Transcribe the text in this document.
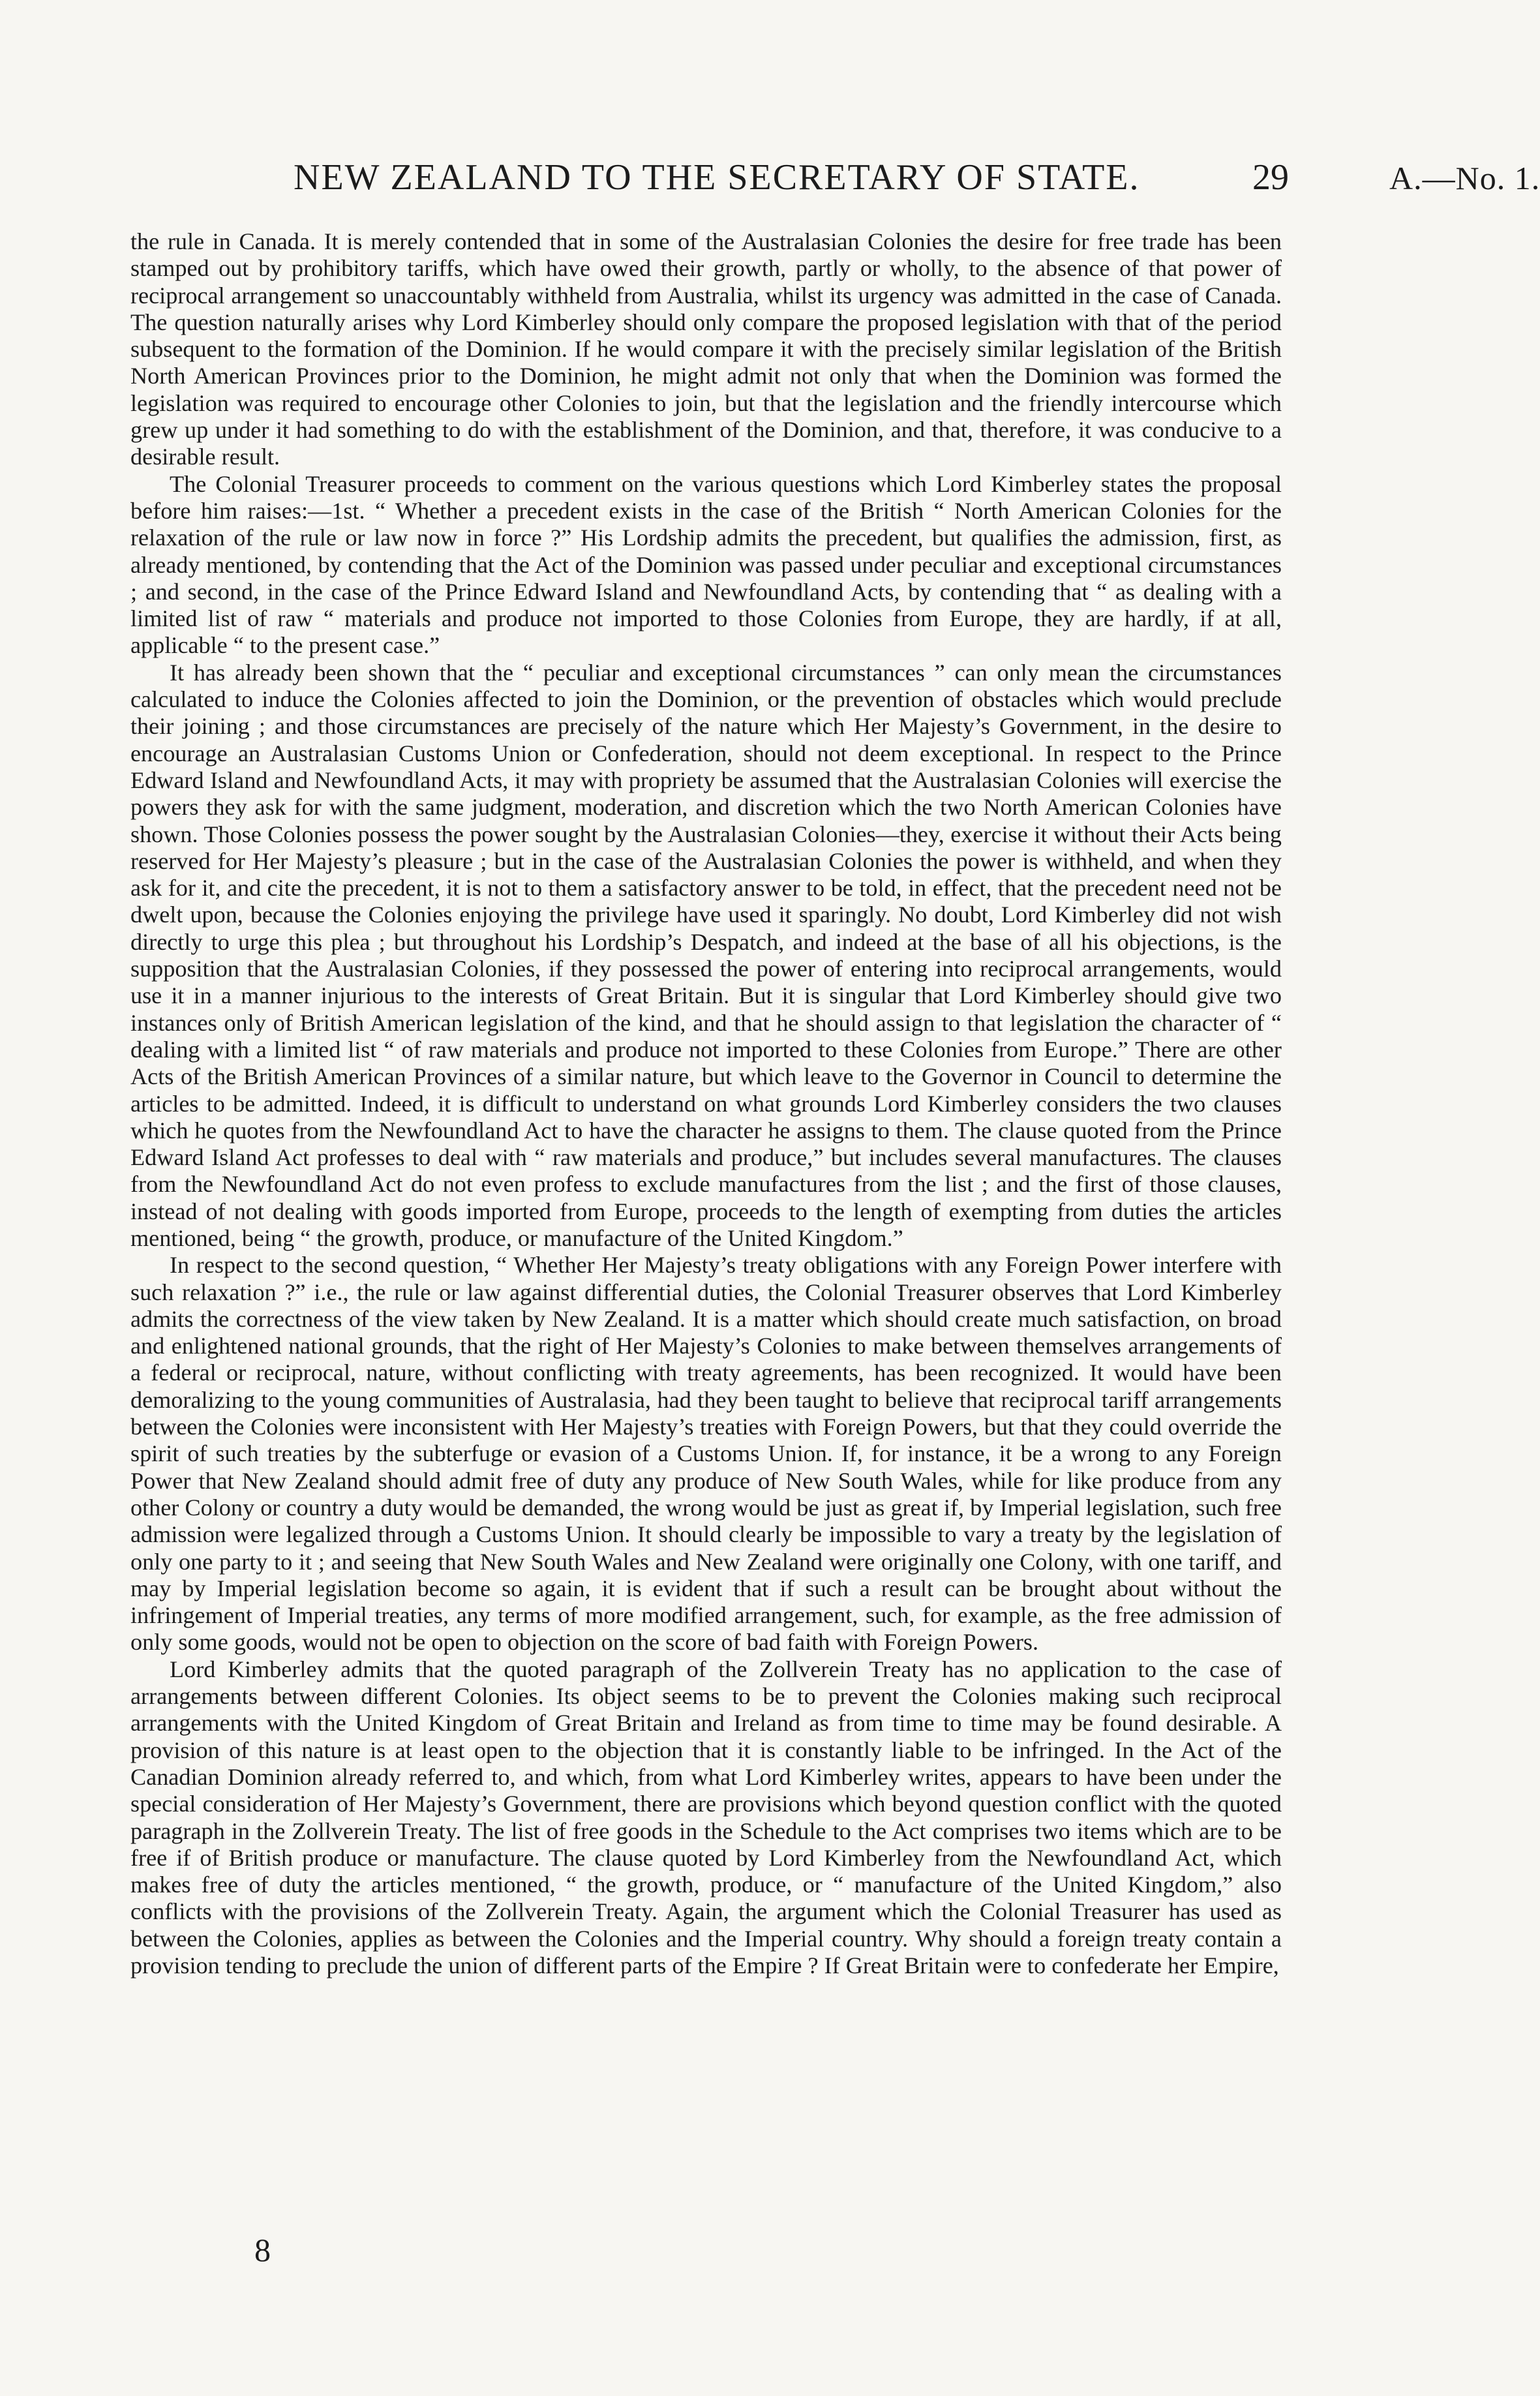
NEW ZEALAND TO THE SECRETARY OF STATE.	29	A.—No. 1.

the rule in Canada. It is merely contended that in some of the Australasian Colonies the desire for free trade has been stamped out by prohibitory tariffs, which have owed their growth, partly or wholly, to the absence of that power of reciprocal arrangement so unaccountably withheld from Australia, whilst its urgency was admitted in the case of Canada. The question naturally arises why Lord Kimberley should only compare the proposed legislation with that of the period subsequent to the formation of the Dominion. If he would compare it with the precisely similar legislation of the British North American Provinces prior to the Dominion, he might admit not only that when the Dominion was formed the legislation was required to encourage other Colonies to join, but that the legislation and the friendly intercourse which grew up under it had something to do with the establishment of the Dominion, and that, therefore, it was conducive to a desirable result.

The Colonial Treasurer proceeds to comment on the various questions which Lord Kimberley states the proposal before him raises:—1st. “ Whether a precedent exists in the case of the British “ North American Colonies for the relaxation of the rule or law now in force ?” His Lordship admits the precedent, but qualifies the admission, first, as already mentioned, by contending that the Act of the Dominion was passed under peculiar and exceptional circumstances ; and second, in the case of the Prince Edward Island and Newfoundland Acts, by contending that “ as dealing with a limited list of raw “ materials and produce not imported to those Colonies from Europe, they are hardly, if at all, applicable “ to the present case.”

It has already been shown that the “ peculiar and exceptional circumstances ” can only mean the circumstances calculated to induce the Colonies affected to join the Dominion, or the prevention of obstacles which would preclude their joining ; and those circumstances are precisely of the nature which Her Majesty’s Government, in the desire to encourage an Australasian Customs Union or Confederation, should not deem exceptional. In respect to the Prince Edward Island and Newfoundland Acts, it may with propriety be assumed that the Australasian Colonies will exercise the powers they ask for with the same judgment, moderation, and discretion which the two North American Colonies have shown. Those Colonies possess the power sought by the Australasian Colonies—they, exercise it without their Acts being reserved for Her Majesty’s pleasure ; but in the case of the Australasian Colonies the power is withheld, and when they ask for it, and cite the precedent, it is not to them a satisfactory answer to be told, in effect, that the precedent need not be dwelt upon, because the Colonies enjoying the privilege have used it sparingly. No doubt, Lord Kimberley did not wish directly to urge this plea ; but throughout his Lordship’s Despatch, and indeed at the base of all his objections, is the supposition that the Australasian Colonies, if they possessed the power of entering into reciprocal arrangements, would use it in a manner injurious to the interests of Great Britain. But it is singular that Lord Kimberley should give two instances only of British American legislation of the kind, and that he should assign to that legislation the character of “ dealing with a limited list “ of raw materials and produce not imported to these Colonies from Europe.” There are other Acts of the British American Provinces of a similar nature, but which leave to the Governor in Council to determine the articles to be admitted. Indeed, it is difficult to understand on what grounds Lord Kimberley considers the two clauses which he quotes from the Newfoundland Act to have the character he assigns to them. The clause quoted from the Prince Edward Island Act professes to deal with “ raw materials and produce,” but includes several manufactures. The clauses from the Newfoundland Act do not even profess to exclude manufactures from the list ; and the first of those clauses, instead of not dealing with goods imported from Europe, proceeds to the length of exempting from duties the articles mentioned, being “ the growth, produce, or manufacture of the United Kingdom.”

In respect to the second question, “ Whether Her Majesty’s treaty obligations with any Foreign Power interfere with such relaxation ?” i.e., the rule or law against differential duties, the Colonial Treasurer observes that Lord Kimberley admits the correctness of the view taken by New Zealand. It is a matter which should create much satisfaction, on broad and enlightened national grounds, that the right of Her Majesty’s Colonies to make between themselves arrangements of a federal or reciprocal, nature, without conflicting with treaty agreements, has been recognized. It would have been demoralizing to the young communities of Australasia, had they been taught to believe that reciprocal tariff arrangements between the Colonies were inconsistent with Her Majesty’s treaties with Foreign Powers, but that they could override the spirit of such treaties by the subterfuge or evasion of a Customs Union. If, for instance, it be a wrong to any Foreign Power that New Zealand should admit free of duty any produce of New South Wales, while for like produce from any other Colony or country a duty would be demanded, the wrong would be just as great if, by Imperial legislation, such free admission were legalized through a Customs Union. It should clearly be impossible to vary a treaty by the legislation of only one party to it ; and seeing that New South Wales and New Zealand were originally one Colony, with one tariff, and may by Imperial legislation become so again, it is evident that if such a result can be brought about without the infringement of Imperial treaties, any terms of more modified arrangement, such, for example, as the free admission of only some goods, would not be open to objection on the score of bad faith with Foreign Powers.

Lord Kimberley admits that the quoted paragraph of the Zollverein Treaty has no application to the case of arrangements between different Colonies. Its object seems to be to prevent the Colonies making such reciprocal arrangements with the United Kingdom of Great Britain and Ireland as from time to time may be found desirable. A provision of this nature is at least open to the objection that it is constantly liable to be infringed. In the Act of the Canadian Dominion already referred to, and which, from what Lord Kimberley writes, appears to have been under the special consideration of Her Majesty’s Government, there are provisions which beyond question conflict with the quoted paragraph in the Zollverein Treaty. The list of free goods in the Schedule to the Act comprises two items which are to be free if of British produce or manufacture. The clause quoted by Lord Kimberley from the Newfoundland Act, which makes free of duty the articles mentioned, “ the growth, produce, or “ manufacture of the United Kingdom,” also conflicts with the provisions of the Zollverein Treaty. Again, the argument which the Colonial Treasurer has used as between the Colonies, applies as between the Colonies and the Imperial country. Why should a foreign treaty contain a provision tending to preclude the union of different parts of the Empire ? If Great Britain were to confederate her Empire,

8
